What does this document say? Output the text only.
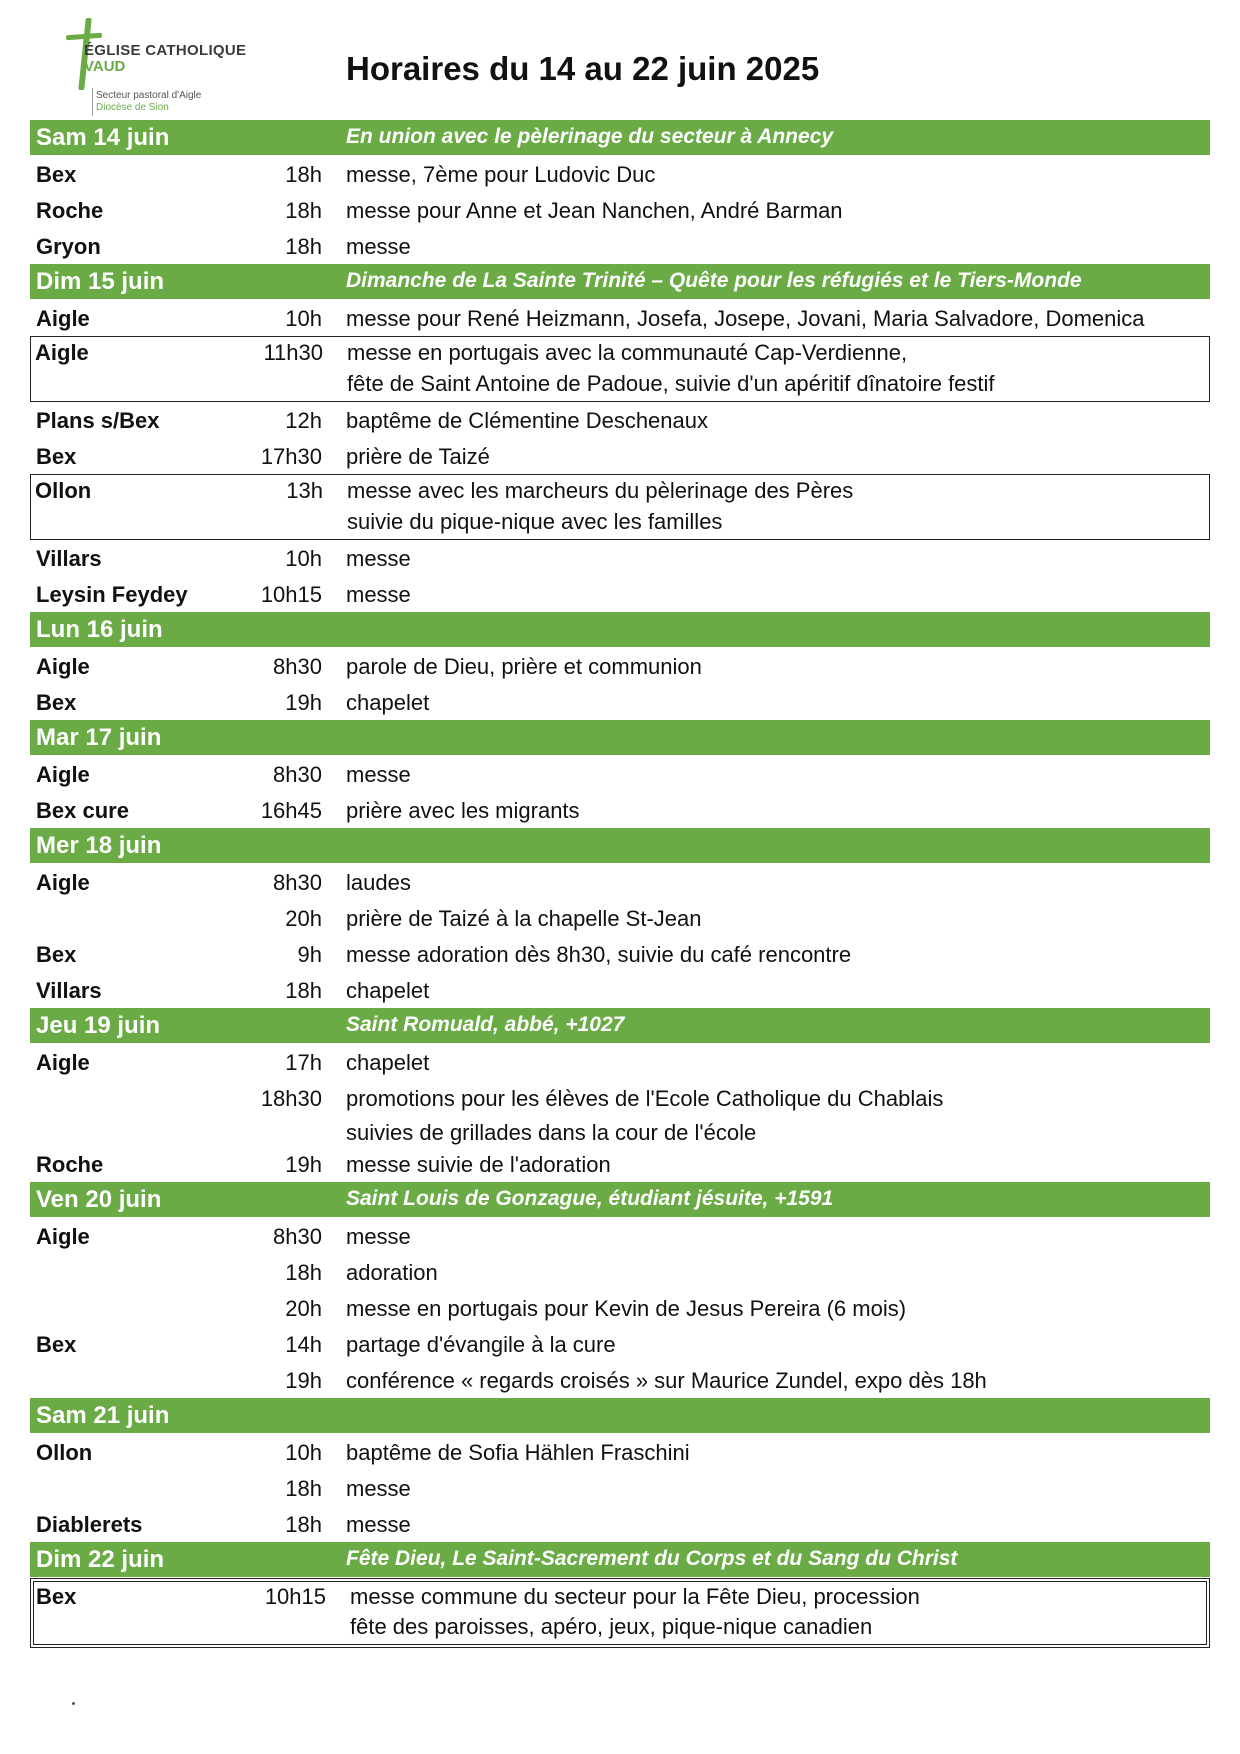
ÉGLISE CATHOLIQUE
VAUD
Secteur pastoral d'Aigle
Diocèse de Sion
Horaires du 14 au 22 juin 2025
Sam 14 juin	En union avec le pèlerinage du secteur à Annecy
Bex	18h messe, 7ème pour Ludovic Duc
Roche	18h messe pour Anne et Jean Nanchen, André Barman
Gryon	18h messe
Dim 15 juin	Dimanche de La Sainte Trinité – Quête pour les réfugiés et le Tiers-Monde
Aigle	10h messe pour René Heizmann, Josefa, Josepe, Jovani, Maria Salvadore, Domenica
Aigle	11h30 messe en portugais avec la communauté Cap-Verdienne,
fête de Saint Antoine de Padoue, suivie d'un apéritif dînatoire festif
Plans s/Bex	12h baptême de Clémentine Deschenaux
Bex	17h30 prière de Taizé
Ollon	13h messe avec les marcheurs du pèlerinage des Pères
suivie du pique-nique avec les familles
Villars	10h messe
Leysin Feydey	10h15 messe
Lun 16 juin
Aigle	8h30 parole de Dieu, prière et communion
Bex	19h chapelet
Mar 17 juin
Aigle	8h30 messe
Bex cure	16h45 prière avec les migrants
Mer 18 juin
Aigle	8h30 laudes
20h prière de Taizé à la chapelle St-Jean
Bex	9h messe adoration dès 8h30, suivie du café rencontre
Villars	18h chapelet
Jeu 19 juin	Saint Romuald, abbé, +1027
Aigle	17h chapelet
18h30 promotions pour les élèves de l'Ecole Catholique du Chablais
suivies de grillades dans la cour de l'école
Roche	19h messe suivie de l'adoration
Ven 20 juin	Saint Louis de Gonzague, étudiant jésuite, +1591
Aigle	8h30 messe
18h adoration
20h messe en portugais pour Kevin de Jesus Pereira (6 mois)
Bex	14h partage d'évangile à la cure
19h conférence « regards croisés » sur Maurice Zundel, expo dès 18h
Sam 21 juin
Ollon	10h baptême de Sofia Hählen Fraschini
18h messe
Diablerets	18h messe
Dim 22 juin	Fête Dieu, Le Saint-Sacrement du Corps et du Sang du Christ
Bex	10h15 messe commune du secteur pour la Fête Dieu, procession
fête des paroisses, apéro, jeux, pique-nique canadien
